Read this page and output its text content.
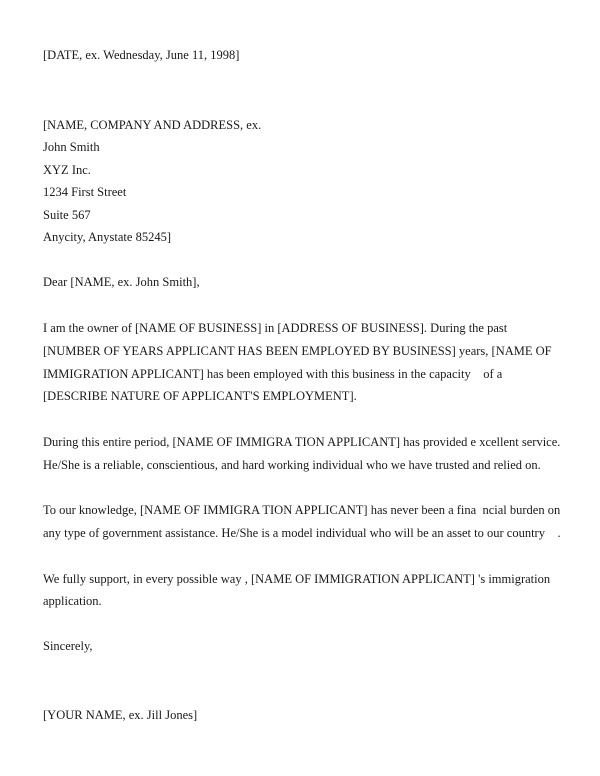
[DATE, ex. Wednesday, June 11, 1998]
[NAME, COMPANY AND ADDRESS, ex.
John Smith
XYZ Inc.
1234 First Street
Suite 567
Anycity, Anystate 85245]
Dear [NAME, ex. John Smith],
I am the owner of [NAME OF BUSINESS] in [ADDRESS OF BUSINESS]. During the past
[NUMBER OF YEARS APPLICANT HAS BEEN EMPLOYED BY BUSINESS] years, [NAME OF
IMMIGRATION APPLICANT] has been employed with this business in the capacity    of a
[DESCRIBE NATURE OF APPLICANT'S EMPLOYMENT].
During this entire period, [NAME OF IMMIGRA TION APPLICANT] has provided e xcellent service.
He/She is a reliable, conscientious, and hard working individual who we have trusted and relied on.
To our knowledge, [NAME OF IMMIGRA TION APPLICANT] has never been a fina  ncial burden on
any type of government assistance. He/She is a model individual who will be an asset to our country    .
We fully support, in every possible way , [NAME OF IMMIGRATION APPLICANT] 's immigration
application.
Sincerely,
[YOUR NAME, ex. Jill Jones]
